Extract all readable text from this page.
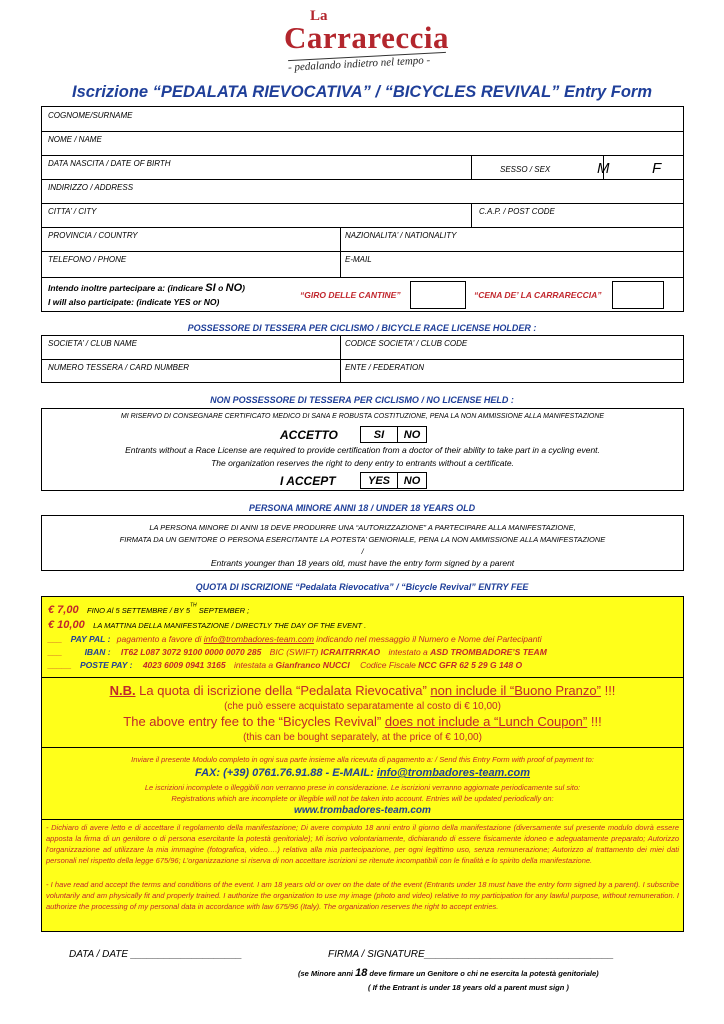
La
Carrareccia
- pedalando indietro nel tempo -
Iscrizione “PEDALATA RIEVOCATIVA” / “BICYCLES REVIVAL” Entry Form
COGNOME/SURNAME
NOME / NAME
DATA NASCITA / DATE OF BIRTH
SESSO / SEX	M	F
INDIRIZZO / ADDRESS
CITTA’ / CITY	C.A.P. / POST CODE
PROVINCIA / COUNTRY	NAZIONALITA’ / NATIONALITY
TELEFONO / PHONE	E-MAIL
Intendo inoltre partecipare a: (indicare SI o NO)
I will also participate: (indicate YES or NO)
“GIRO DELLE CANTINE”	“CENA DE’ LA CARRARECCIA”
POSSESSORE DI TESSERA PER CICLISMO / BICYCLE RACE LICENSE HOLDER :
SOCIETA’ / CLUB NAME	CODICE SOCIETA’ / CLUB CODE
NUMERO TESSERA / CARD NUMBER	ENTE / FEDERATION
NON POSSESSORE DI TESSERA PER CICLISMO / NO LICENSE HELD :
MI RISERVO DI CONSEGNARE CERTIFICATO MEDICO DI SANA E ROBUSTA COSTITUZIONE, PENA LA NON AMMISSIONE ALLA MANIFESTAZIONE
ACCETTO	SI	NO
Entrants without a Race License are required to provide certification from a doctor of their ability to take part in a cycling event.
The organization reserves the right to deny entry to entrants without a certificate.
I ACCEPT	YES	NO
PERSONA MINORE ANNI 18 / UNDER 18 YEARS OLD
LA PERSONA MINORE DI ANNI 18 DEVE PRODURRE UNA “AUTORIZZAZIONE” A PARTECIPARE ALLA MANIFESTAZIONE,
FIRMATA DA UN GENITORE O PERSONA ESERCITANTE LA POTESTA’ GENIORIALE, PENA LA NON AMMISSIONE ALLA MANIFESTAZIONE
/
Entrants younger than 18 years old, must have the entry form signed by a parent
QUOTA DI ISCRIZIONE “Pedalata Rievocativa” / “Bicycle Revival” ENTRY FEE
€ 7,00 FINO Al 5 SETTEMBRE / BY 5TH SEPTEMBER ;
€ 10,00 LA MATTINA DELLA MANIFESTAZIONE / DIRECTLY THE DAY OF THE EVENT .
___ PAY PAL : pagamento a favore di info@trombadores-team.com indicando nel messaggio il Numero e Nome dei Partecipanti
___	IBAN : IT62 L087 3072 9100 0000 0070 285 BIC (SWIFT) ICRAITRRKAO intestato a ASD TROMBADORE’S TEAM
_____ POSTE PAY : 4023 6009 0941 3165 intestata a Gianfranco NUCCI Codice Fiscale NCC GFR 62 5 29 G 148 O
N.B. La quota di iscrizione della “Pedalata Rievocativa” non include il “Buono Pranzo” !!!
(che può essere acquistato separatamente al costo di € 10,00)
The above entry fee to the “Bicycles Revival” does not include a “Lunch Coupon” !!!
(this can be bought separately, at the price of € 10,00)
Inviare il presente Modulo completo in ogni sua parte insieme alla ricevuta di pagamento a: / Send this Entry Form with proof of payment to:
FAX: (+39) 0761.76.91.88 - E-MAIL: info@trombadores-team.com
Le iscrizioni incomplete o illeggibili non verranno prese in considerazione. Le iscrizioni verranno aggiornate periodicamente sul sito:
Registrations which are incomplete or illegible will not be taken into account. Entries will be updated periodically on:
www.trombadores-team.com
- Dichiaro di avere letto e di accettare il regolamento della manifestazione; Di avere compiuto 18 anni entro il giorno della manifestazione (diversamente sul presente modulo dovrà essere apposta la firma di un genitore o di persona esercitante la potestà genitoriale); Mi iscrivo volontariamente, dichiarando di essere fisicamente idoneo e adeguatamente preparato; Autorizzo l’organizzazione ad utilizzare la mia immagine (fotografica, video….) relativa alla mia partecipazione, per ogni legittimo uso, senza remunerazione; Autorizzo al trattamento dei miei dati personali nel rispetto della legge 675/96; L’organizzazione si riserva di non accettare iscrizioni se ritenute incompatibili con le finalità e lo spirito della manifestazione.
- I have read and accept the terms and conditions of the event. I am 18 years old or over on the date of the event (Entrants under 18 must have the entry form signed by a parent). I subscribe voluntarily and am physically fit and properly trained. I authorize the organization to use my image (photo and video) relative to my participation for any lawful purpose, without remuneration. I authorize the processing of my personal data in accordance with law 675/96 (Italy). The organization reserves the right to accept entries.
DATA / DATE ____________________	FIRMA / SIGNATURE__________________________________
(se Minore anni 18 deve firmare un Genitore o chi ne esercita la potestà genitoriale)
( If the Entrant is under 18 years old a parent must sign )
